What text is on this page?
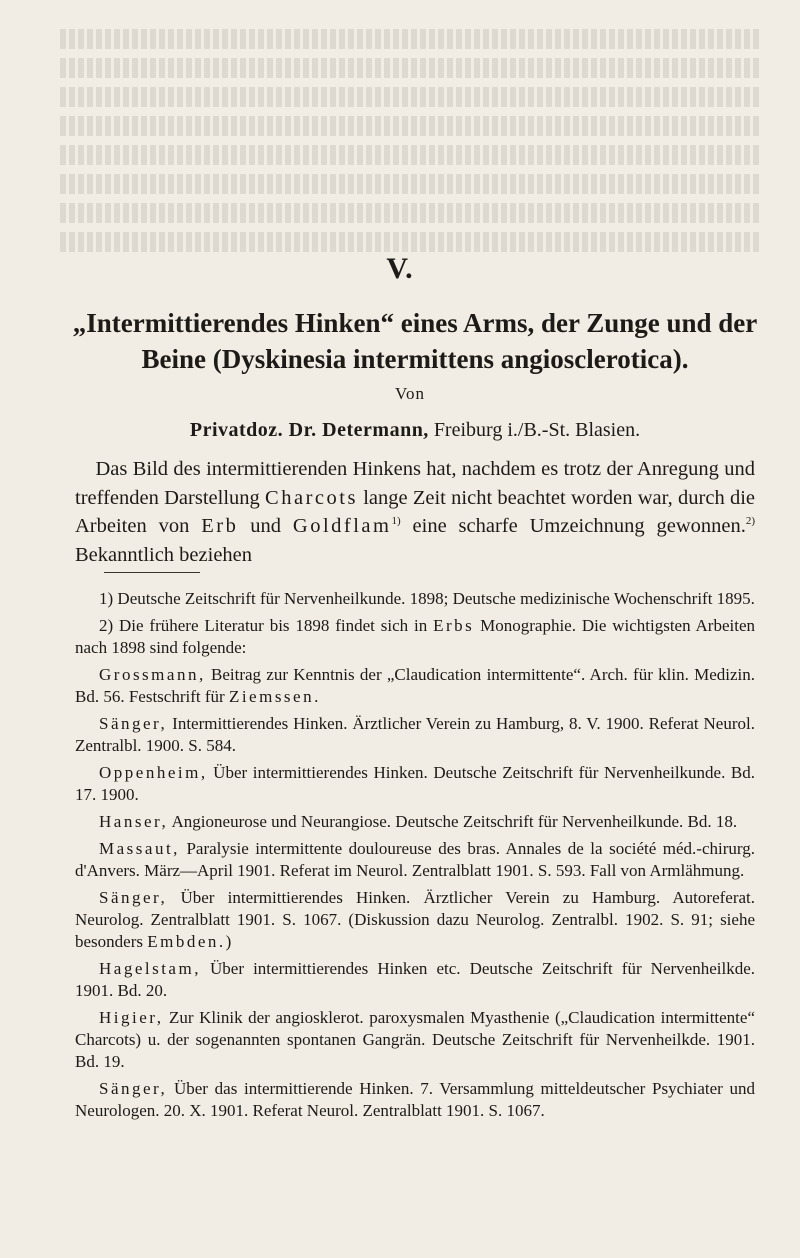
V.
„Intermittierendes Hinken“ eines Arms, der Zunge und der Beine (Dyskinesia intermittens angiosclerotica).
Von
Privatdoz. Dr. Determann, Freiburg i./B.-St. Blasien.
 Das Bild des intermittierenden Hinkens hat, nachdem es trotz der Anregung und treffenden Darstellung Charcots lange Zeit nicht beachtet worden war, durch die Arbeiten von Erb und Goldflam$^{1)}$ eine scharfe Umzeichnung gewonnen.$^{2)}$ Bekanntlich beziehen

1) Deutsche Zeitschrift für Nervenheilkunde. 1898; Deutsche medizinische Wochenschrift 1895.

2) Die frühere Literatur bis 1898 findet sich in Erbs Monographie. Die wichtigsten Arbeiten nach 1898 sind folgende:

Grossmann, Beitrag zur Kenntnis der „Claudication intermittente“. Arch. für klin. Medizin. Bd. 56. Festschrift für Ziemssen.

Sänger, Intermittierendes Hinken. Ärztlicher Verein zu Hamburg, 8. V. 1900. Referat Neurol. Zentralbl. 1900. S. 584.

Oppenheim, Über intermittierendes Hinken. Deutsche Zeitschrift für Nervenheilkunde. Bd. 17. 1900.

Hanser, Angioneurose und Neurangiose. Deutsche Zeitschrift für Nervenheilkunde. Bd. 18.

Massaut, Paralysie intermittente douloureuse des bras. Annales de la société méd.-chirurg. d'Anvers. März—April 1901. Referat im Neurol. Zentralblatt 1901. S. 593. Fall von Armlähmung.

Sänger, Über intermittierendes Hinken. Ärztlicher Verein zu Hamburg. Autoreferat. Neurolog. Zentralblatt 1901. S. 1067. (Diskussion dazu Neurolog. Zentralbl. 1902. S. 91; siehe besonders Embden.)

Hagelstam, Über intermittierendes Hinken etc. Deutsche Zeitschrift für Nervenheilkde. 1901. Bd. 20.

Higier, Zur Klinik der angiosklerot. paroxysmalen Myasthenie („Claudication intermittente“ Charcots) u. der sogenannten spontanen Gangrän. Deutsche Zeitschrift für Nervenheilkde. 1901. Bd. 19.

Sänger, Über das intermittierende Hinken. 7. Versammlung mitteldeutscher Psychiater und Neurologen. 20. X. 1901. Referat Neurol. Zentralblatt 1901. S. 1067.
